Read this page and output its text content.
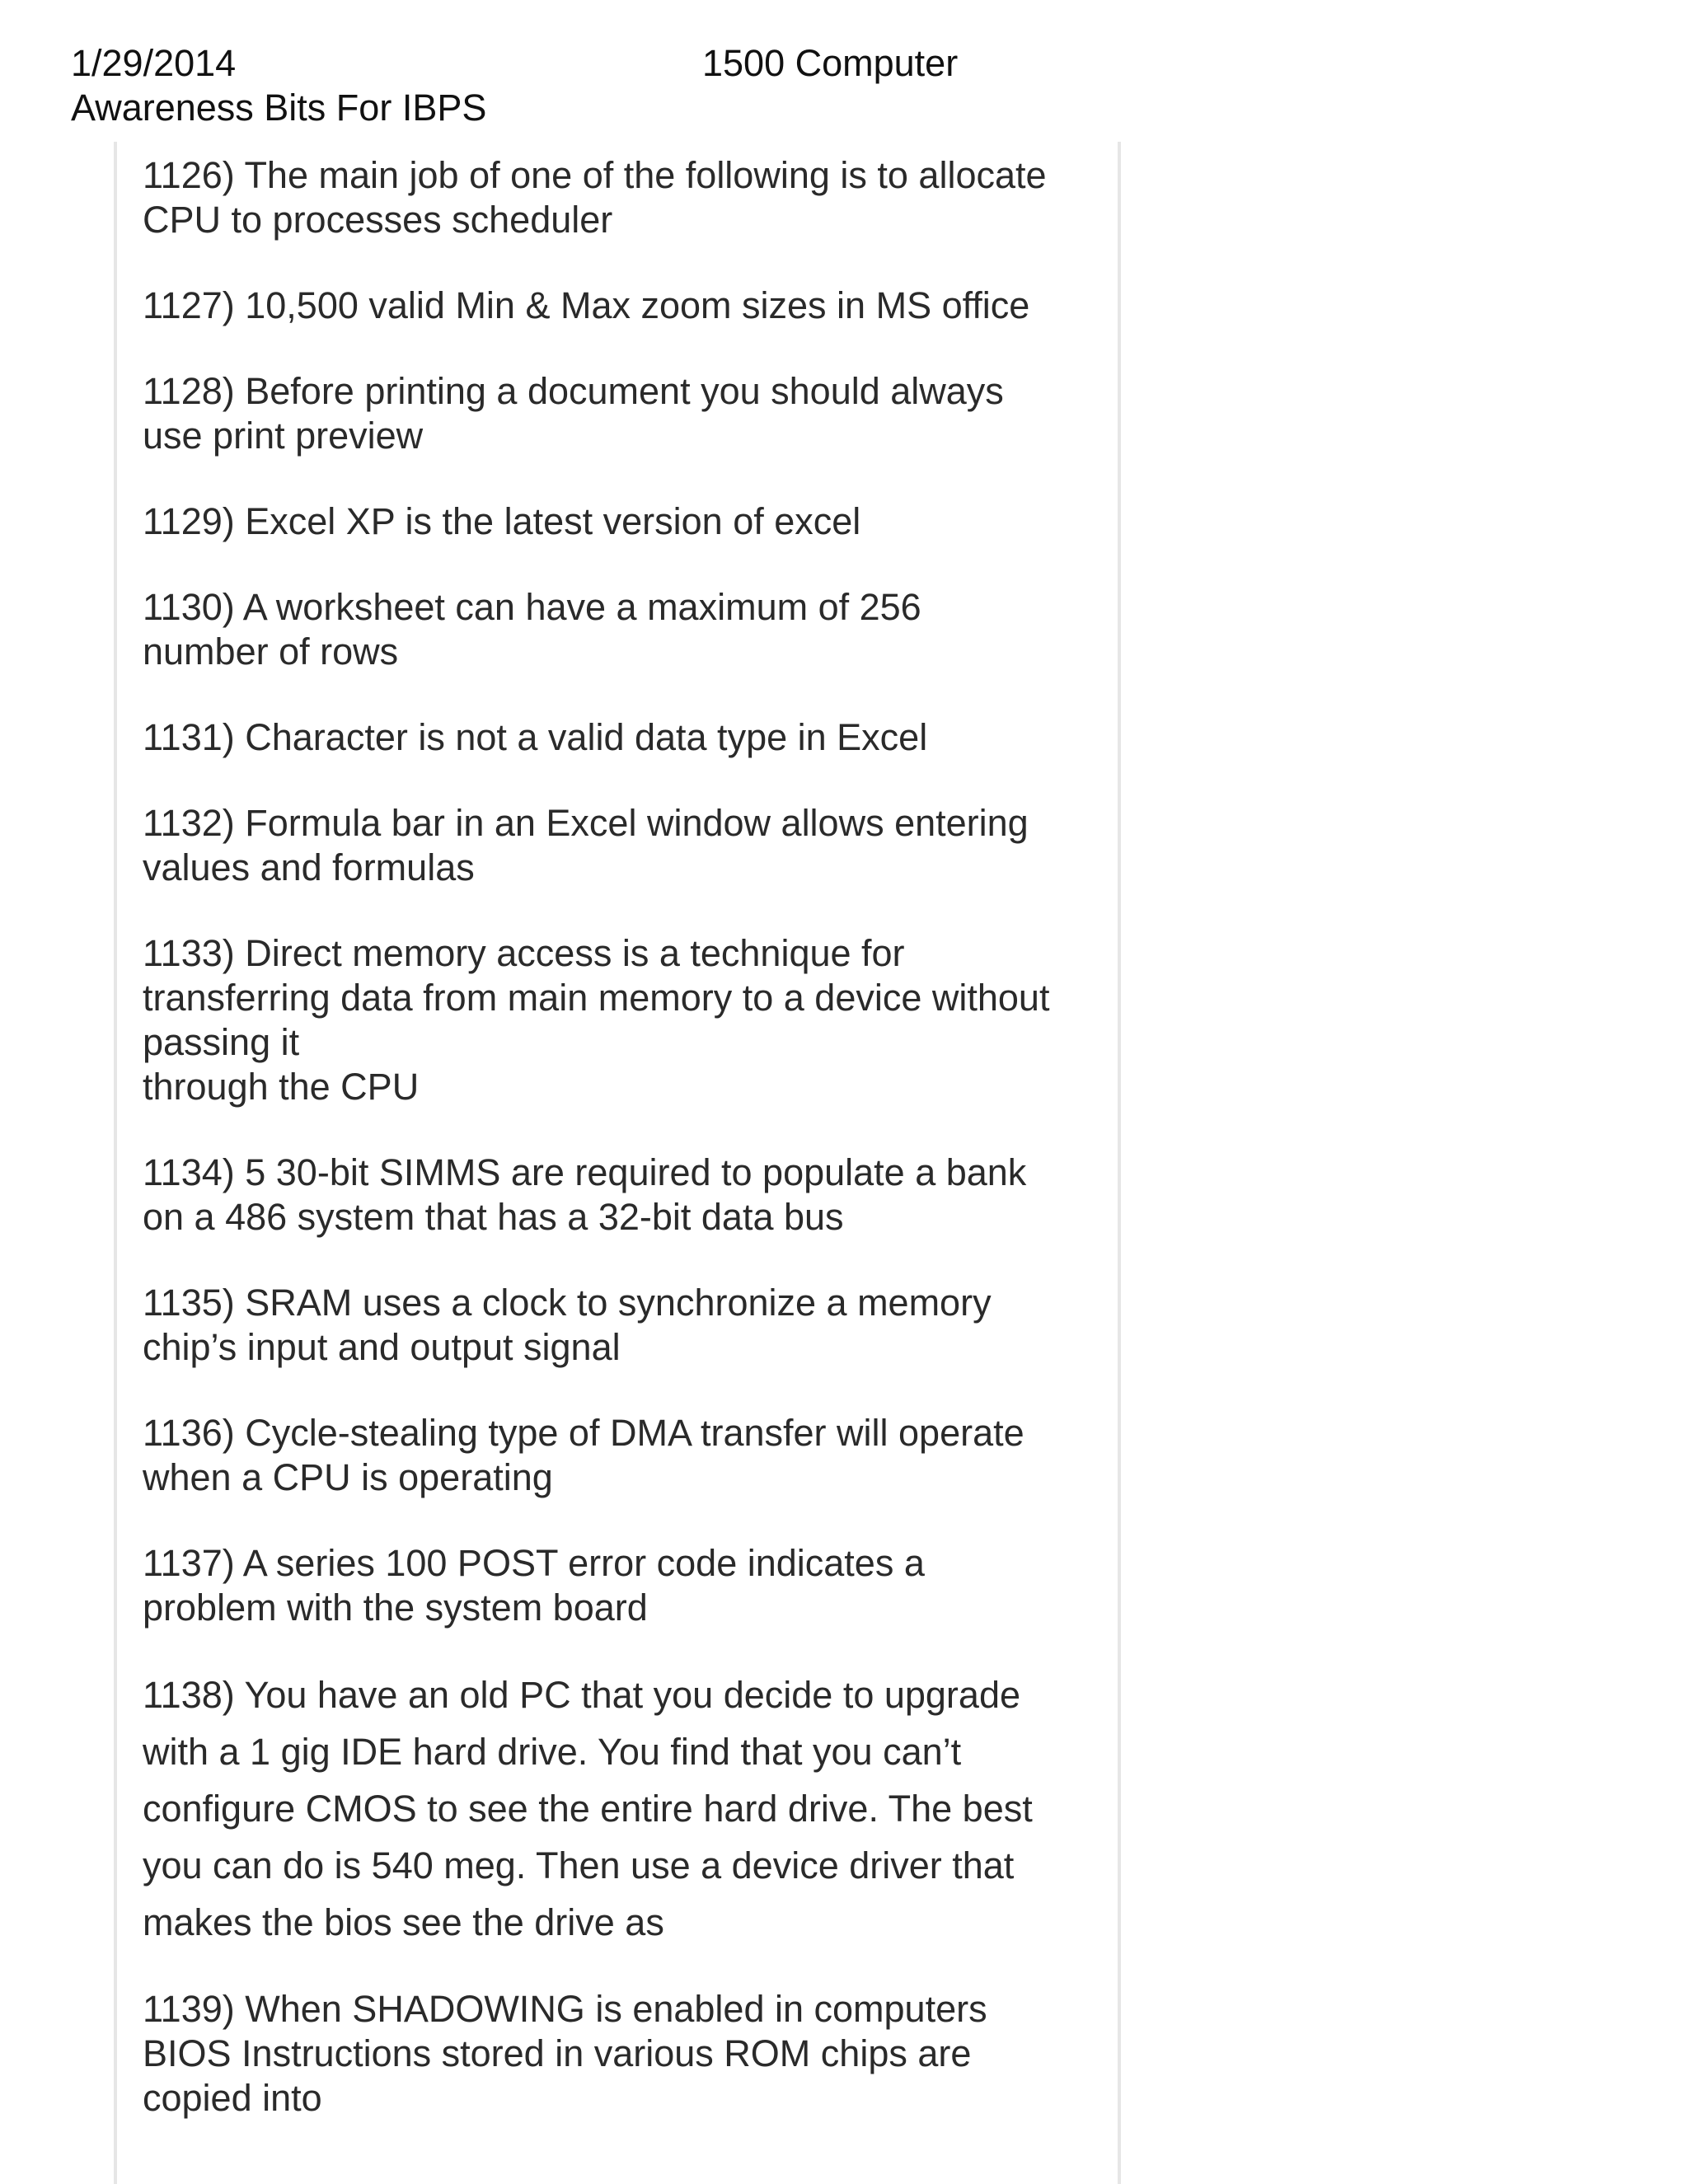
1/29/2014	1500 Computer
Awareness Bits For IBPS
1126) The main job of one of the following is to allocate
CPU to processes scheduler
1127) 10,500 valid Min & Max zoom sizes in MS office
1128) Before printing a document you should always
use print preview
1129) Excel XP is the latest version of excel
1130) A worksheet can have a maximum of 256
number of rows
1131) Character is not a valid data type in Excel
1132) Formula bar in an Excel window allows entering
values and formulas
1133) Direct memory access is a technique for
transferring data from main memory to a device without
passing it
through the CPU
1134) 5 30-bit SIMMS are required to populate a bank
on a 486 system that has a 32-bit data bus
1135) SRAM uses a clock to synchronize a memory
chip’s input and output signal
1136) Cycle-stealing type of DMA transfer will operate
when a CPU is operating
1137) A series 100 POST error code indicates a
problem with the system board
1138) You have an old PC that you decide to upgrade
with a 1 gig IDE hard drive. You find that you can’t
configure CMOS to see the entire hard drive. The best
you can do is 540 meg. Then use a device driver that
makes the bios see the drive as
1139) When SHADOWING is enabled in computers
BIOS Instructions stored in various ROM chips are
copied into
